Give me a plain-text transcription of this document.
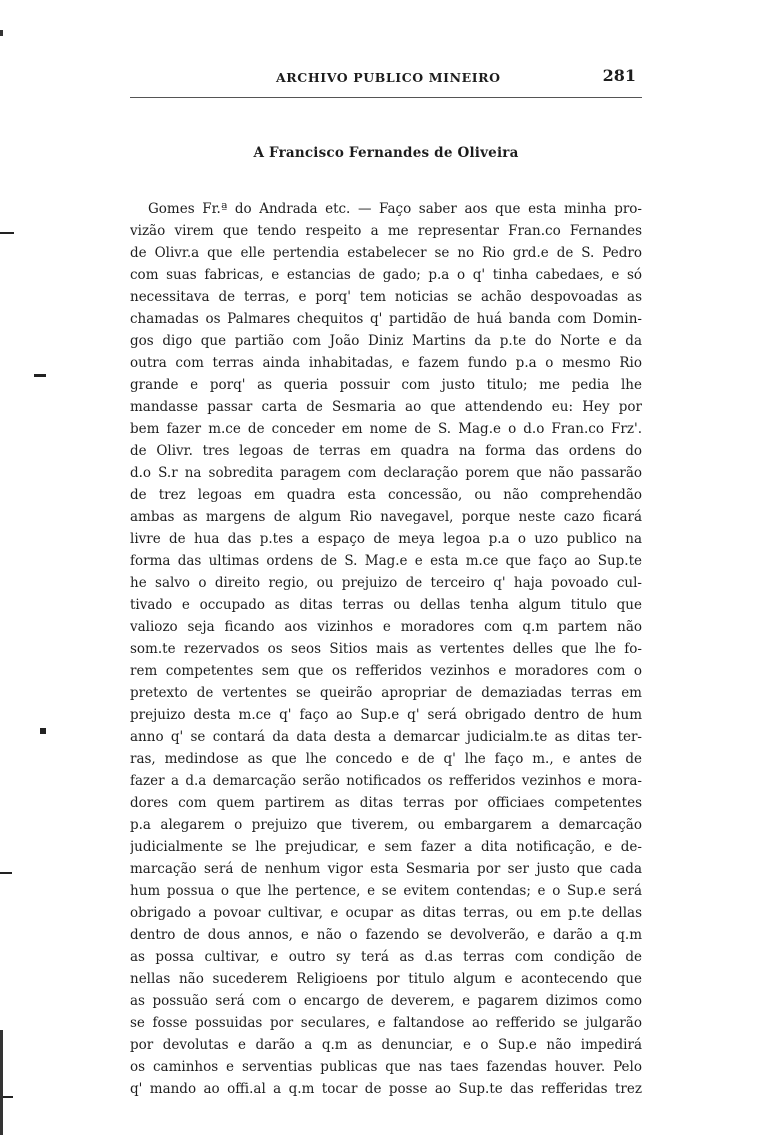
ARCHIVO PUBLICO MINEIRO	281
A Francisco Fernandes de Oliveira
Gomes Fr.ª do Andrada etc. — Faço saber aos que esta minha pro-
vizão virem que tendo respeito a me representar Fran.co Fernandes
de Olivr.a que elle pertendia estabelecer se no Rio grd.e de S. Pedro
com suas fabricas, e estancias de gado; p.a o q' tinha cabedaes, e só
necessitava de terras, e porq' tem noticias se achão despovoadas as
chamadas os Palmares chequitos q' partidão de huá banda com Domin-
gos digo que partião com João Diniz Martins da p.te do Norte e da
outra com terras ainda inhabitadas, e fazem fundo p.a o mesmo Rio
grande e porq' as queria possuir com justo titulo; me pedia lhe
mandasse passar carta de Sesmaria ao que attendendo eu: Hey por
bem fazer m.ce de conceder em nome de S. Mag.e o d.o Fran.co Frz'.
de Olivr. tres legoas de terras em quadra na forma das ordens do
d.o S.r na sobredita paragem com declaração porem que não passarão
de trez legoas em quadra esta concessão, ou não comprehendão
ambas as margens de algum Rio navegavel, porque neste cazo ficará
livre de hua das p.tes a espaço de meya legoa p.a o uzo publico na
forma das ultimas ordens de S. Mag.e e esta m.ce que faço ao Sup.te
he salvo o direito regio, ou prejuizo de terceiro q' haja povoado cul-
tivado e occupado as ditas terras ou dellas tenha algum titulo que
valiozo seja ficando aos vizinhos e moradores com q.m partem não
som.te rezervados os seos Sitios mais as vertentes delles que lhe fo-
rem competentes sem que os refferidos vezinhos e moradores com o
pretexto de vertentes se queirão apropriar de demaziadas terras em
prejuizo desta m.ce q' faço ao Sup.e q' será obrigado dentro de hum
anno q' se contará da data desta a demarcar judicialm.te as ditas ter-
ras, medindose as que lhe concedo e de q' lhe faço m., e antes de
fazer a d.a demarcação serão notificados os refferidos vezinhos e mora-
dores com quem partirem as ditas terras por officiaes competentes
p.a alegarem o prejuizo que tiverem, ou embargarem a demarcação
judicialmente se lhe prejudicar, e sem fazer a dita notificação, e de-
marcação será de nenhum vigor esta Sesmaria por ser justo que cada
hum possua o que lhe pertence, e se evitem contendas; e o Sup.e será
obrigado a povoar cultivar, e ocupar as ditas terras, ou em p.te dellas
dentro de dous annos, e não o fazendo se devolverão, e darão a q.m
as possa cultivar, e outro sy terá as d.as terras com condição de
nellas não sucederem Religioens por titulo algum e acontecendo que
as possuão será com o encargo de deverem, e pagarem dizimos como
se fosse possuidas por seculares, e faltandose ao refferido se julgarão
por devolutas e darão a q.m as denunciar, e o Sup.e não impedirá
os caminhos e serventias publicas que nas taes fazendas houver. Pelo
q' mando ao offi.al a q.m tocar de posse ao Sup.te das refferidas trez
